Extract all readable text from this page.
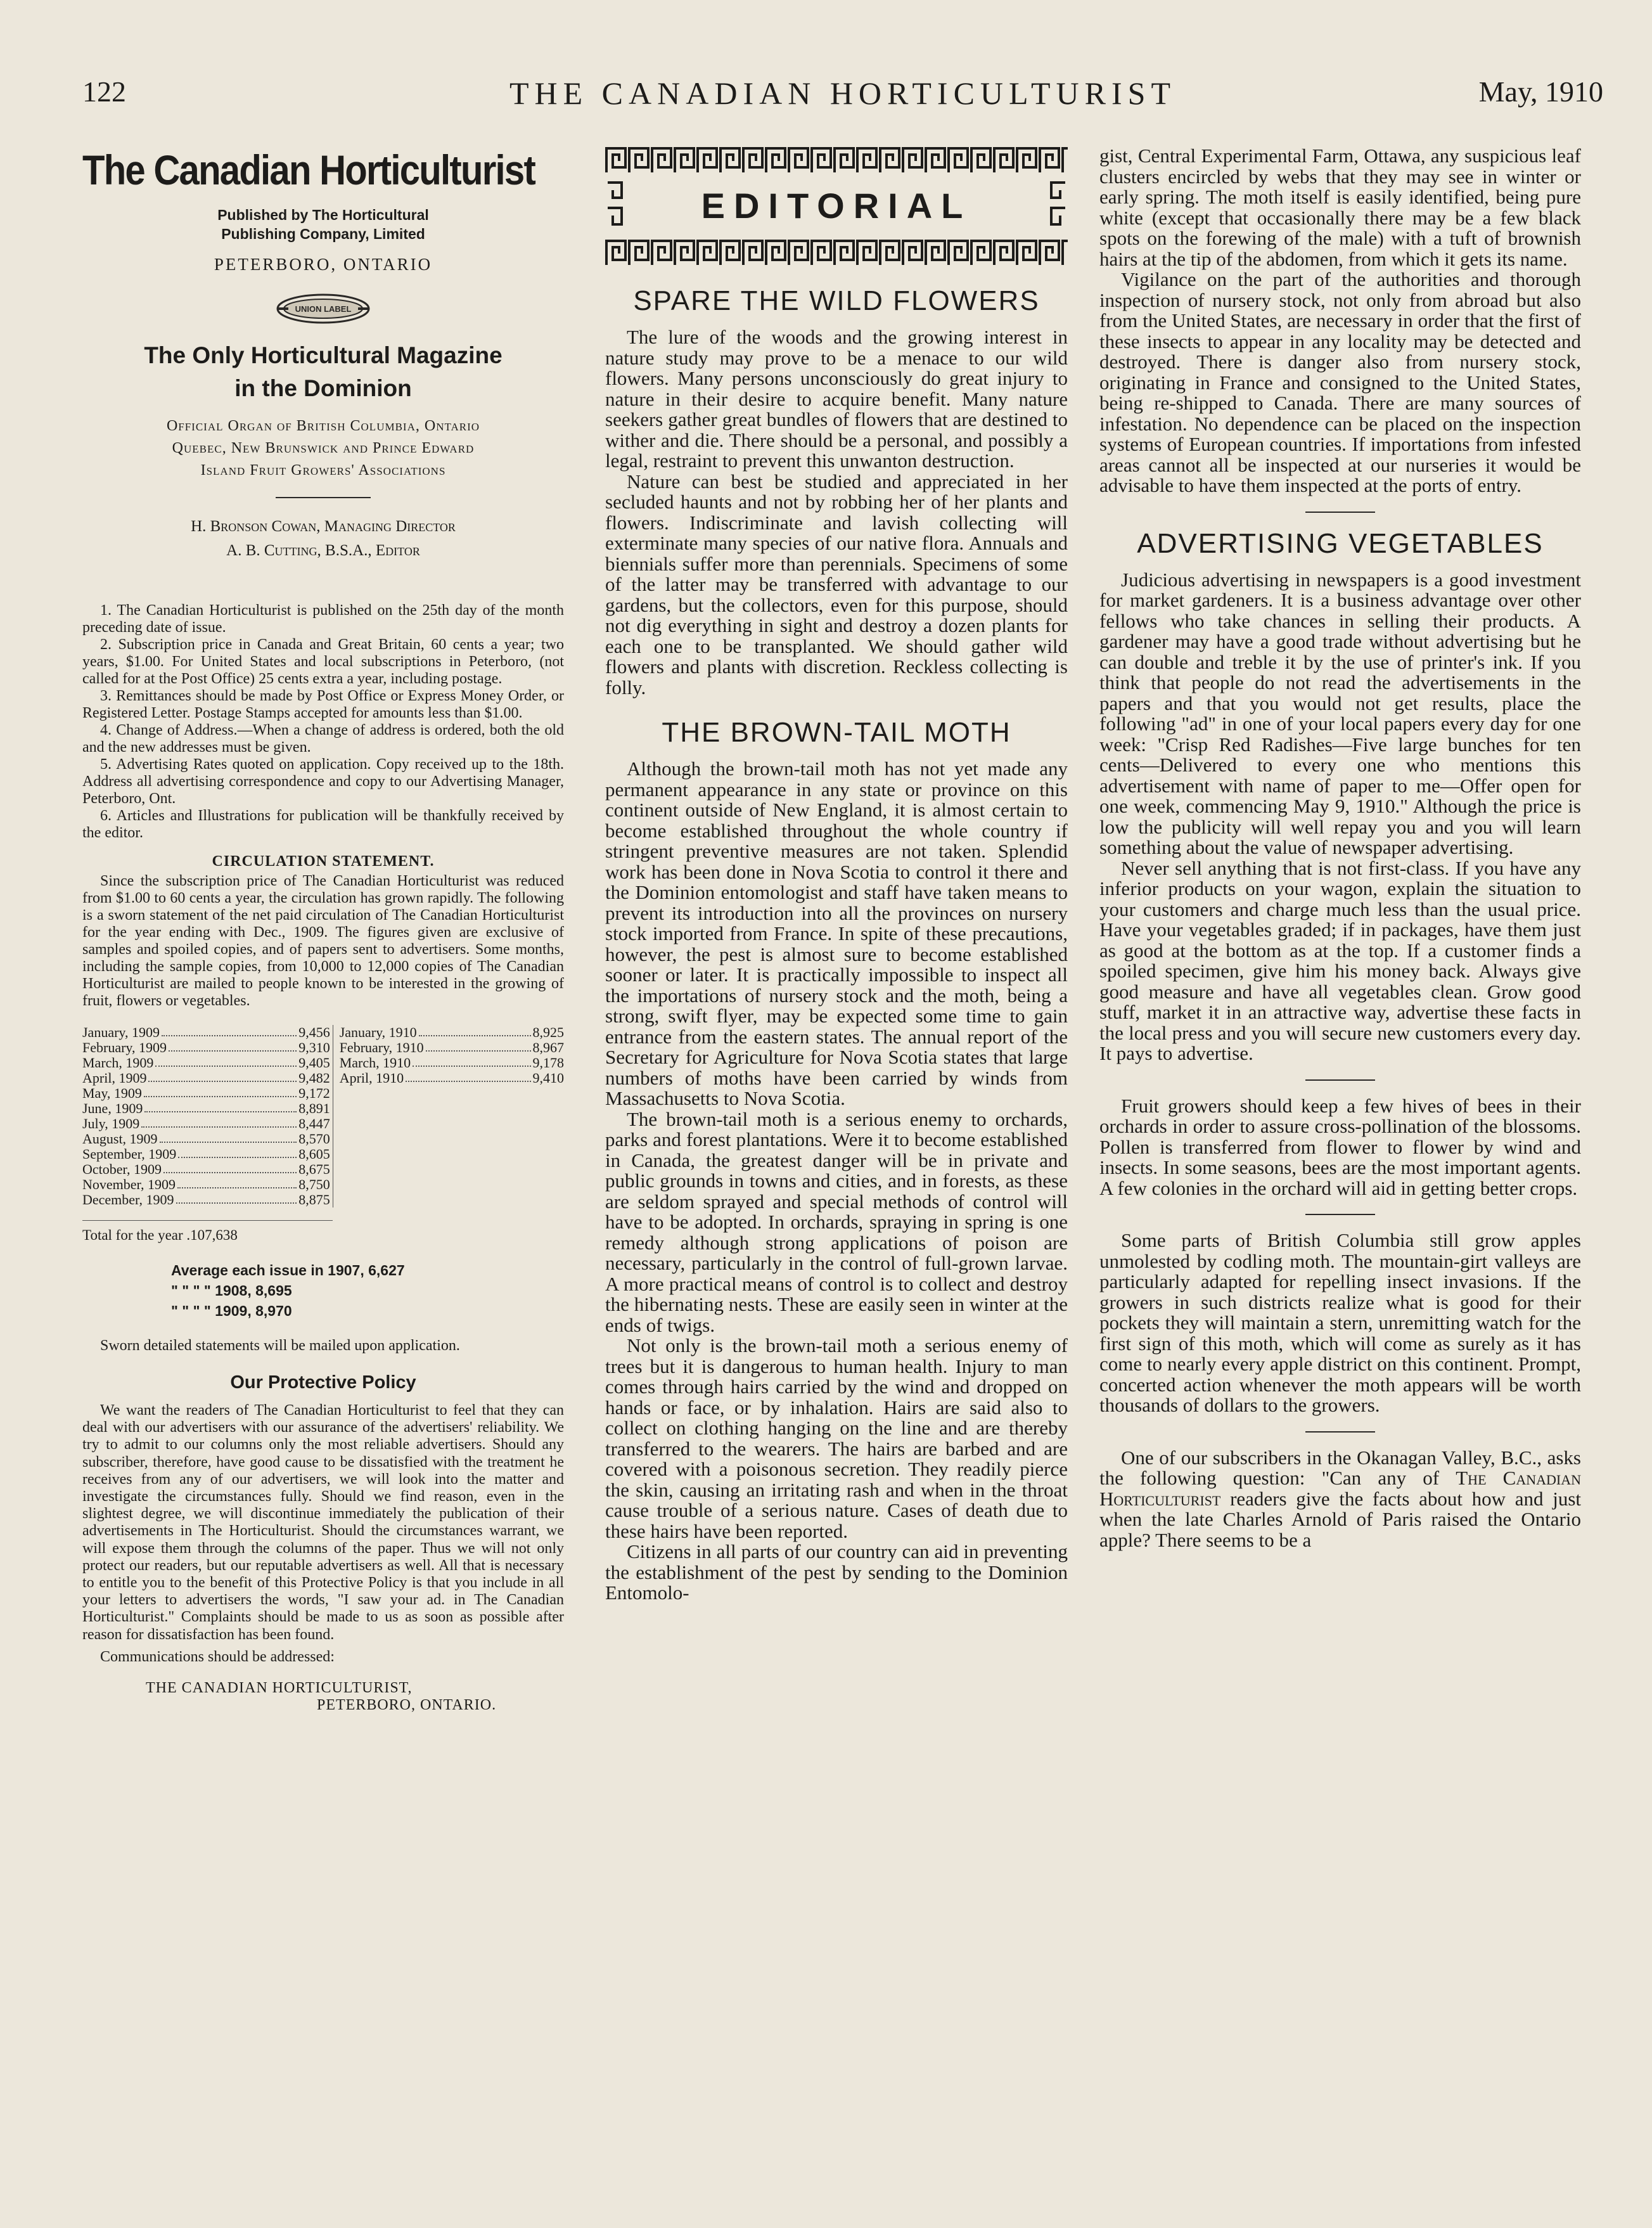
122	THE CANADIAN HORTICULTURIST	May, 1910
The Canadian Horticulturist
Published by The Horticultural
Publishing Company, Limited
PETERBORO, ONTARIO
UNION LABEL
The Only Horticultural Magazine
in the Dominion
Official Organ of British Columbia, Ontario
Quebec, New Brunswick and Prince Edward
Island Fruit Growers' Associations
H. Bronson Cowan, Managing Director
A. B. Cutting, B.S.A., Editor

1. The Canadian Horticulturist is published on the 25th day of the month preceding date of issue.

2. Subscription price in Canada and Great Britain, 60 cents a year; two years, $1.00. For United States and local subscriptions in Peterboro, (not called for at the Post Office) 25 cents extra a year, including postage.

3. Remittances should be made by Post Office or Express Money Order, or Registered Letter. Postage Stamps accepted for amounts less than $1.00.

4. Change of Address.—When a change of address is ordered, both the old and the new addresses must be given.

5. Advertising Rates quoted on application. Copy received up to the 18th. Address all advertising correspondence and copy to our Advertising Manager, Peterboro, Ont.

6. Articles and Illustrations for publication will be thankfully received by the editor.

CIRCULATION STATEMENT.

Since the subscription price of The Canadian Horticulturist was reduced from $1.00 to 60 cents a year, the circulation has grown rapidly. The following is a sworn statement of the net paid circulation of The Canadian Horticulturist for the year ending with Dec., 1909. The figures given are exclusive of samples and spoiled copies, and of papers sent to advertisers. Some months, including the sample copies, from 10,000 to 12,000 copies of The Canadian Horticulturist are mailed to people known to be interested in the growing of fruit, flowers or vegetables.

January, 1909	9,456
February, 1909	9,310
March, 1909	9,405
April, 1909	9,482
May, 1909	9,172
June, 1909	8,891
July, 1909	8,447
August, 1909	8,570
September, 1909	8,605
October, 1909	8,675
November, 1909	8,750
December, 1909	8,875

January, 1910	8,925
February, 1910	8,967
March, 1910	9,178
April, 1910	9,410
Total for the year .107,638
Average each issue in 1907, 6,627
" " " " 1908, 8,695
" " " " 1909, 8,970

Sworn detailed statements will be mailed upon application.

Our Protective Policy

We want the readers of The Canadian Horticulturist to feel that they can deal with our advertisers with our assurance of the advertisers' reliability. We try to admit to our columns only the most reliable advertisers. Should any subscriber, therefore, have good cause to be dissatisfied with the treatment he receives from any of our advertisers, we will look into the matter and investigate the circumstances fully. Should we find reason, even in the slightest degree, we will discontinue immediately the publication of their advertisements in The Horticulturist. Should the circumstances warrant, we will expose them through the columns of the paper. Thus we will not only protect our readers, but our reputable advertisers as well. All that is necessary to entitle you to the benefit of this Protective Policy is that you include in all your letters to advertisers the words, "I saw your ad. in The Canadian Horticulturist." Complaints should be made to us as soon as possible after reason for dissatisfaction has been found.

Communications should be addressed:

THE CANADIAN HORTICULTURIST,
PETERBORO, ONTARIO.
EDITORIAL
SPARE THE WILD FLOWERS

The lure of the woods and the growing interest in nature study may prove to be a menace to our wild flowers. Many persons unconsciously do great injury to nature in their desire to acquire benefit. Many nature seekers gather great bundles of flowers that are destined to wither and die. There should be a personal, and possibly a legal, restraint to prevent this unwanton destruction.

Nature can best be studied and appreciated in her secluded haunts and not by robbing her of her plants and flowers. Indiscriminate and lavish collecting will exterminate many species of our native flora. Annuals and biennials suffer more than perennials. Specimens of some of the latter may be transferred with advantage to our gardens, but the collectors, even for this purpose, should not dig everything in sight and destroy a dozen plants for each one to be transplanted. We should gather wild flowers and plants with discretion. Reckless collecting is folly.

THE BROWN-TAIL MOTH

Although the brown-tail moth has not yet made any permanent appearance in any state or province on this continent outside of New England, it is almost certain to become established throughout the whole country if stringent preventive measures are not taken. Splendid work has been done in Nova Scotia to control it there and the Dominion entomologist and staff have taken means to prevent its introduction into all the provinces on nursery stock imported from France. In spite of these precautions, however, the pest is almost sure to become established sooner or later. It is practically impossible to inspect all the importations of nursery stock and the moth, being a strong, swift flyer, may be expected some time to gain entrance from the eastern states. The annual report of the Secretary for Agriculture for Nova Scotia states that large numbers of moths have been carried by winds from Massachusetts to Nova Scotia.

The brown-tail moth is a serious enemy to orchards, parks and forest plantations. Were it to become established in Canada, the greatest danger will be in private and public grounds in towns and cities, and in forests, as these are seldom sprayed and special methods of control will have to be adopted. In orchards, spraying in spring is one remedy although strong applications of poison are necessary, particularly in the control of full-grown larvae. A more practical means of control is to collect and destroy the hibernating nests. These are easily seen in winter at the ends of twigs.

Not only is the brown-tail moth a serious enemy of trees but it is dangerous to human health. Injury to man comes through hairs carried by the wind and dropped on hands or face, or by inhalation. Hairs are said also to collect on clothing hanging on the line and are thereby transferred to the wearers. The hairs are barbed and are covered with a poisonous secretion. They readily pierce the skin, causing an irritating rash and when in the throat cause trouble of a serious nature. Cases of death due to these hairs have been reported.

Citizens in all parts of our country can aid in preventing the establishment of the pest by sending to the Dominion Entomolo-

gist, Central Experimental Farm, Ottawa, any suspicious leaf clusters encircled by webs that they may see in winter or early spring. The moth itself is easily identified, being pure white (except that occasionally there may be a few black spots on the forewing of the male) with a tuft of brownish hairs at the tip of the abdomen, from which it gets its name.

Vigilance on the part of the authorities and thorough inspection of nursery stock, not only from abroad but also from the United States, are necessary in order that the first of these insects to appear in any locality may be detected and destroyed. There is danger also from nursery stock, originating in France and consigned to the United States, being re-shipped to Canada. There are many sources of infestation. No dependence can be placed on the inspection systems of European countries. If importations from infested areas cannot all be inspected at our nurseries it would be advisable to have them inspected at the ports of entry.

ADVERTISING VEGETABLES

Judicious advertising in newspapers is a good investment for market gardeners. It is a business advantage over other fellows who take chances in selling their products. A gardener may have a good trade without advertising but he can double and treble it by the use of printer's ink. If you think that people do not read the advertisements in the papers and that you would not get results, place the following "ad" in one of your local papers every day for one week: "Crisp Red Radishes—Five large bunches for ten cents—Delivered to every one who mentions this advertisement with name of paper to me—Offer open for one week, commencing May 9, 1910." Although the price is low the publicity will well repay you and you will learn something about the value of newspaper advertising.

Never sell anything that is not first-class. If you have any inferior products on your wagon, explain the situation to your customers and charge much less than the usual price. Have your vegetables graded; if in packages, have them just as good at the bottom as at the top. If a customer finds a spoiled specimen, give him his money back. Always give good measure and have all vegetables clean. Grow good stuff, market it in an attractive way, advertise these facts in the local press and you will secure new customers every day. It pays to advertise.

Fruit growers should keep a few hives of bees in their orchards in order to assure cross-pollination of the blossoms. Pollen is transferred from flower to flower by wind and insects. In some seasons, bees are the most important agents. A few colonies in the orchard will aid in getting better crops.

Some parts of British Columbia still grow apples unmolested by codling moth. The mountain-girt valleys are particularly adapted for repelling insect invasions. If the growers in such districts realize what is good for their pockets they will maintain a stern, unremitting watch for the first sign of this moth, which will come as surely as it has come to nearly every apple district on this continent. Prompt, concerted action whenever the moth appears will be worth thousands of dollars to the growers.

One of our subscribers in the Okanagan Valley, B.C., asks the following question: "Can any of The Canadian Horticulturist readers give the facts about how and just when the late Charles Arnold of Paris raised the Ontario apple? There seems to be a
